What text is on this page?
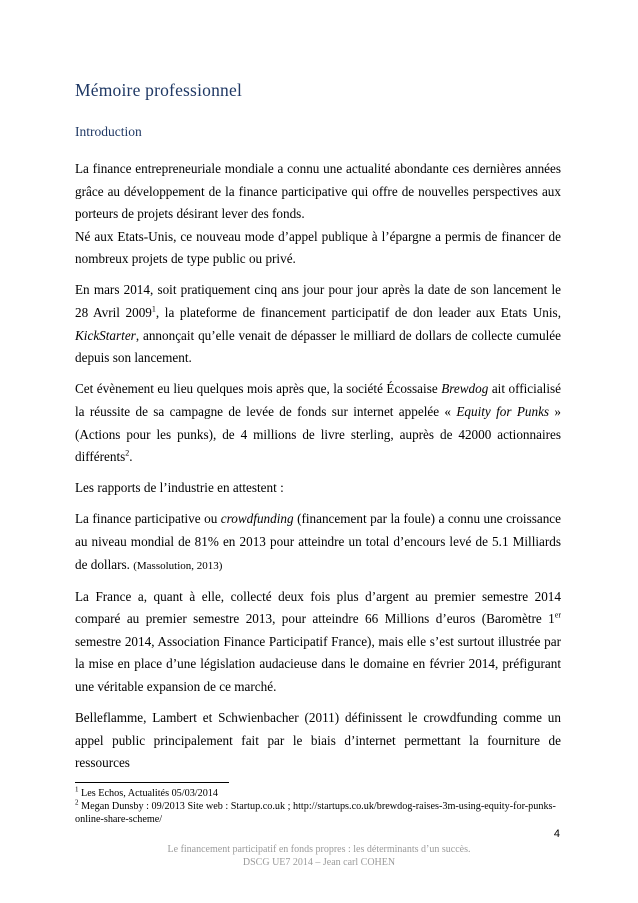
Mémoire professionnel
Introduction

La finance entrepreneuriale mondiale a connu une actualité abondante ces dernières années grâce au développement de la finance participative qui offre de nouvelles perspectives aux porteurs de projets désirant lever des fonds.

Né aux Etats-Unis, ce nouveau mode d’appel publique à l’épargne a permis de financer de nombreux projets de type public ou privé.

En mars 2014, soit pratiquement cinq ans jour pour jour après la date de son lancement le 28 Avril 2009$^1$, la plateforme de financement participatif de don leader aux Etats Unis, KickStarter, annonçait qu’elle venait de dépasser le milliard de dollars de collecte cumulée depuis son lancement.

Cet évènement eu lieu quelques mois après que, la société Écossaise Brewdog ait officialisé la réussite de sa campagne de levée de fonds sur internet appelée « Equity for Punks » (Actions pour les punks), de 4 millions de livre sterling, auprès de 42000 actionnaires différents$^2$.

Les rapports de l’industrie en attestent :

La finance participative ou crowdfunding (financement par la foule) a connu une croissance au niveau mondial de 81% en 2013 pour atteindre un total d’encours levé de 5.1 Milliards de dollars. (Massolution, 2013)

La France a, quant à elle, collecté deux fois plus d’argent au premier semestre 2014 comparé au premier semestre 2013, pour atteindre 66 Millions d’euros (Baromètre 1er semestre 2014, Association Finance Participatif France), mais elle s’est surtout illustrée par la mise en place d’une législation audacieuse dans le domaine en février 2014, préfigurant une véritable expansion de ce marché.

Belleflamme, Lambert et Schwienbacher (2011) définissent le crowdfunding comme un appel public principalement fait par le biais d’internet permettant la fourniture de ressources

$^1$ Les Echos, Actualités 05/03/2014
$^2$ Megan Dunsby : 09/2013 Site web : Startup.co.uk ; http://startups.co.uk/brewdog-raises-3m-using-equity-for-punks-online-share-scheme/
4
Le financement participatif en fonds propres : les déterminants d’un succès.
DSCG UE7 2014 – Jean carl COHEN
